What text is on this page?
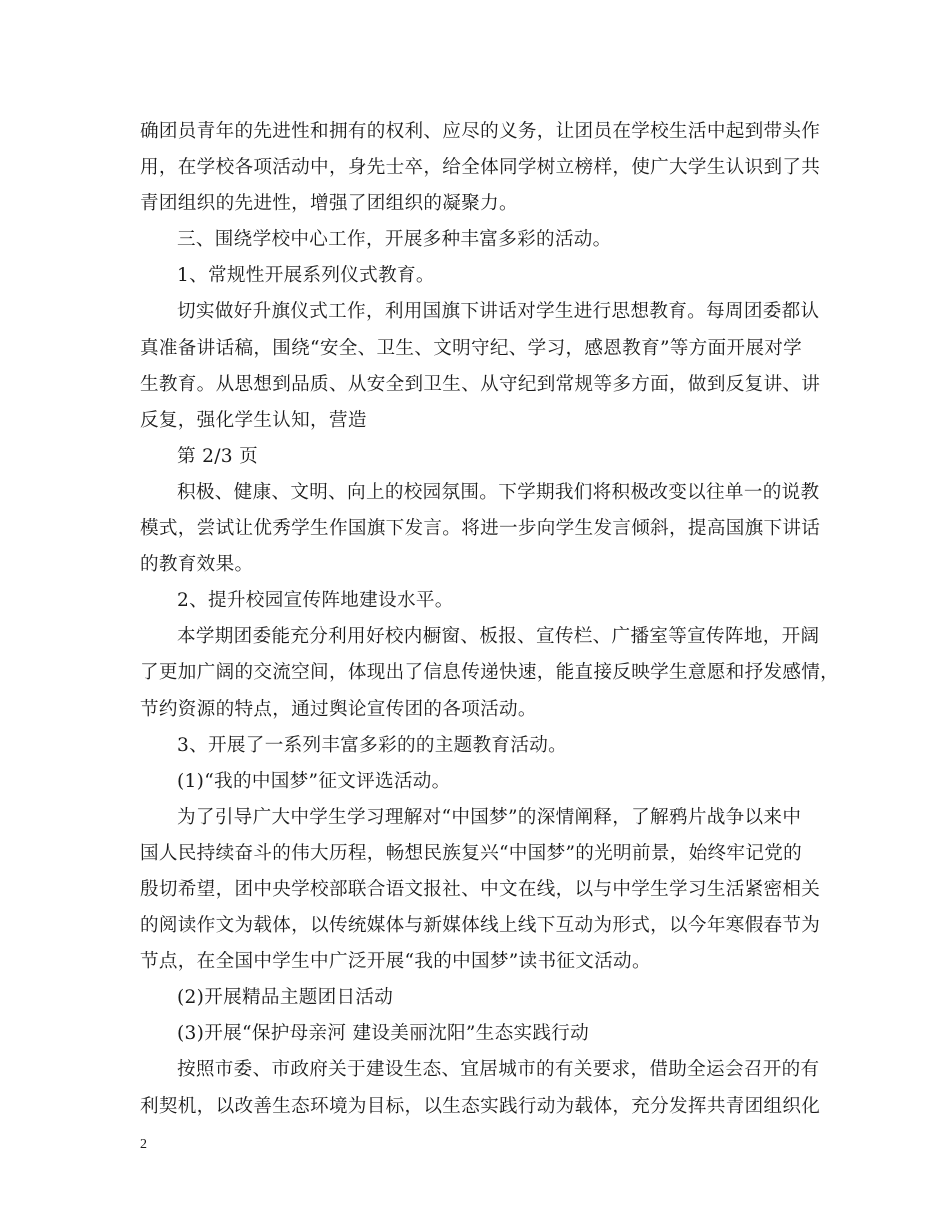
确团员青年的先进性和拥有的权利、应尽的义务，让团员在学校生活中起到带头作
用，在学校各项活动中，身先士卒，给全体同学树立榜样，使广大学生认识到了共
青团组织的先进性，增强了团组织的凝聚力。
三、围绕学校中心工作，开展多种丰富多彩的活动。
1、常规性开展系列仪式教育。
切实做好升旗仪式工作，利用国旗下讲话对学生进行思想教育。每周团委都认
真准备讲话稿，围绕“安全、卫生、文明守纪、学习，感恩教育”等方面开展对学
生教育。从思想到品质、从安全到卫生、从守纪到常规等多方面，做到反复讲、讲
反复，强化学生认知，营造
第 2/3 页
积极、健康、文明、向上的校园氛围。下学期我们将积极改变以往单一的说教
模式，尝试让优秀学生作国旗下发言。将进一步向学生发言倾斜，提高国旗下讲话
的教育效果。
2、提升校园宣传阵地建设水平。
本学期团委能充分利用好校内橱窗、板报、宣传栏、广播室等宣传阵地，开阔
了更加广阔的交流空间，体现出了信息传递快速，能直接反映学生意愿和抒发感情，
节约资源的特点，通过舆论宣传团的各项活动。
3、开展了一系列丰富多彩的的主题教育活动。
(1)“我的中国梦”征文评选活动。
为了引导广大中学生学习理解对“中国梦”的深情阐释，了解鸦片战争以来中
国人民持续奋斗的伟大历程，畅想民族复兴“中国梦”的光明前景，始终牢记党的
殷切希望，团中央学校部联合语文报社、中文在线，以与中学生学习生活紧密相关
的阅读作文为载体，以传统媒体与新媒体线上线下互动为形式，以今年寒假春节为
节点，在全国中学生中广泛开展“我的中国梦”读书征文活动。
(2)开展精品主题团日活动
(3)开展“保护母亲河 建设美丽沈阳”生态实践行动
按照市委、市政府关于建设生态、宜居城市的有关要求，借助全运会召开的有
利契机，以改善生态环境为目标，以生态实践行动为载体，充分发挥共青团组织化
2
